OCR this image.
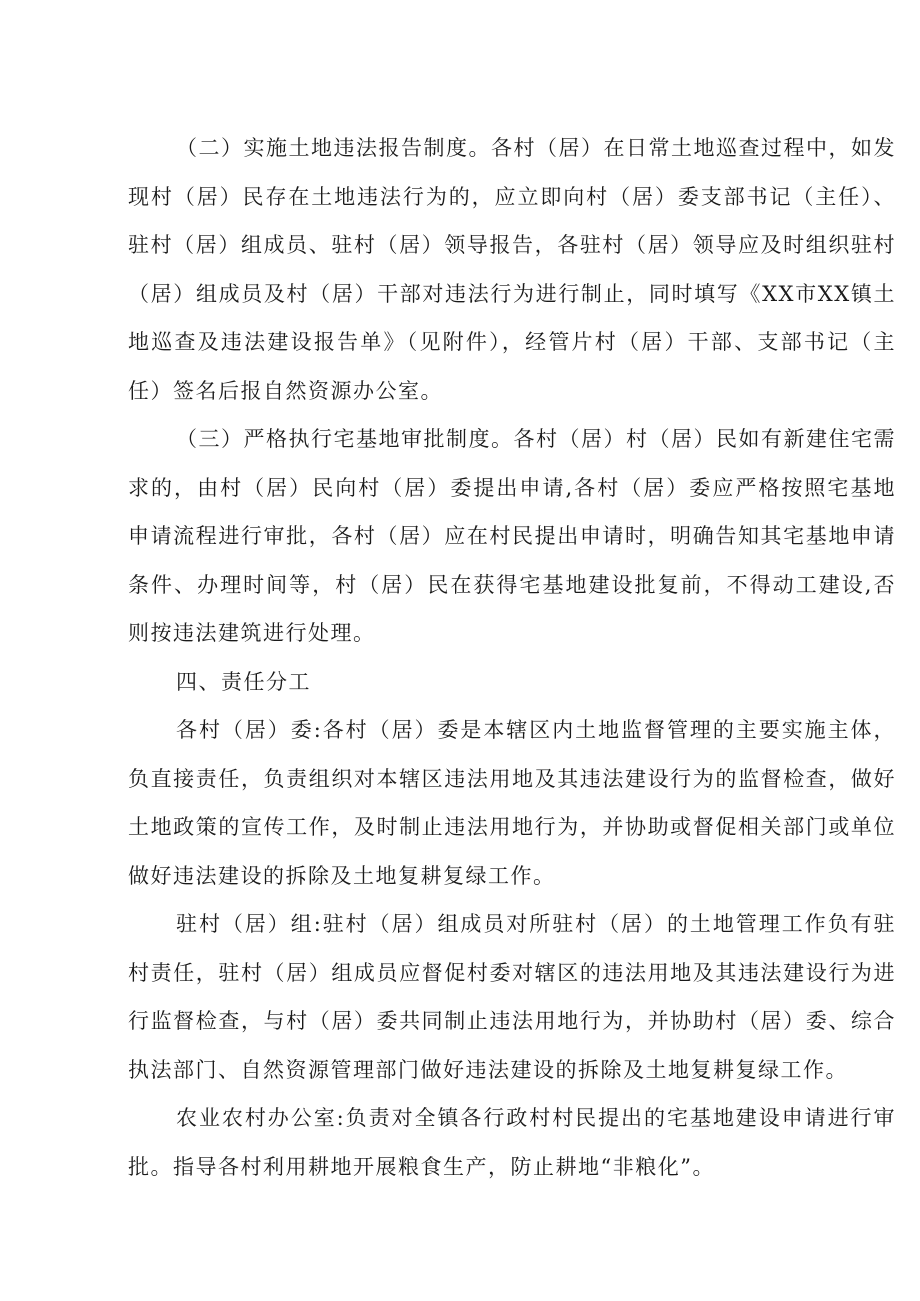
（二）实施土地违法报告制度。各村（居）在日常土地巡查过程中，如发现村（居）民存在土地违法行为的，应立即向村（居）委支部书记（主任）、驻村（居）组成员、驻村（居）领导报告，各驻村（居）领导应及时组织驻村（居）组成员及村（居）干部对违法行为进行制止，同时填写《XX市XX镇土地巡查及违法建设报告单》（见附件），经管片村（居）干部、支部书记（主任）签名后报自然资源办公室。

（三）严格执行宅基地审批制度。各村（居）村（居）民如有新建住宅需求的，由村（居）民向村（居）委提出申请,各村（居）委应严格按照宅基地申请流程进行审批，各村（居）应在村民提出申请时，明确告知其宅基地申请条件、办理时间等，村（居）民在获得宅基地建设批复前，不得动工建设,否则按违法建筑进行处理。

四、责任分工

各村（居）委:各村（居）委是本辖区内土地监督管理的主要实施主体，负直接责任，负责组织对本辖区违法用地及其违法建设行为的监督检查，做好土地政策的宣传工作，及时制止违法用地行为，并协助或督促相关部门或单位做好违法建设的拆除及土地复耕复绿工作。

驻村（居）组:驻村（居）组成员对所驻村（居）的土地管理工作负有驻村责任，驻村（居）组成员应督促村委对辖区的违法用地及其违法建设行为进行监督检查，与村（居）委共同制止违法用地行为，并协助村（居）委、综合执法部门、自然资源管理部门做好违法建设的拆除及土地复耕复绿工作。

农业农村办公室:负责对全镇各行政村村民提出的宅基地建设申请进行审批。指导各村利用耕地开展粮食生产，防止耕地“非粮化”。
